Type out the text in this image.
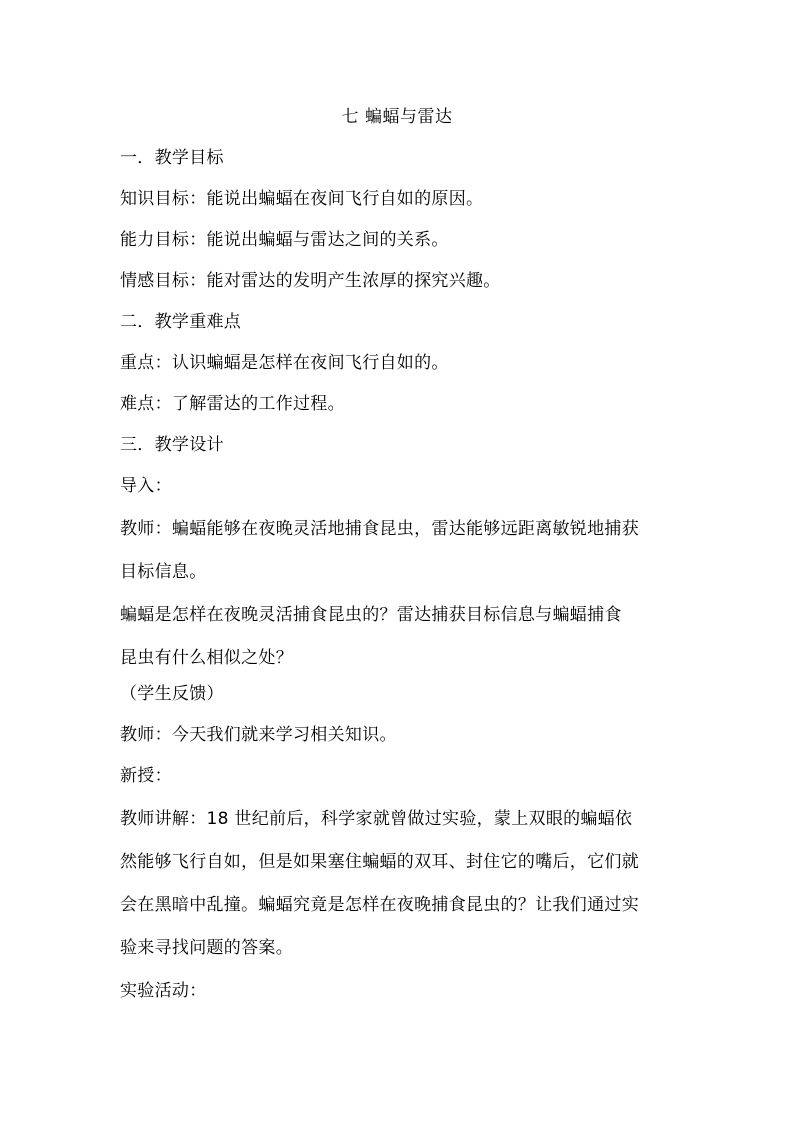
七 蝙蝠与雷达
一．教学目标
知识目标：能说出蝙蝠在夜间飞行自如的原因。
能力目标：能说出蝙蝠与雷达之间的关系。
情感目标：能对雷达的发明产生浓厚的探究兴趣。
二．教学重难点
重点：认识蝙蝠是怎样在夜间飞行自如的。
难点：了解雷达的工作过程。
三．教学设计
导入：
教师：蝙蝠能够在夜晚灵活地捕食昆虫，雷达能够远距离敏锐地捕获
目标信息。
蝙蝠是怎样在夜晚灵活捕食昆虫的？雷达捕获目标信息与蝙蝠捕食
昆虫有什么相似之处？
（学生反馈）
教师：今天我们就来学习相关知识。
新授：
教师讲解：18 世纪前后，科学家就曾做过实验，蒙上双眼的蝙蝠依
然能够飞行自如，但是如果塞住蝙蝠的双耳、封住它的嘴后，它们就
会在黑暗中乱撞。蝙蝠究竟是怎样在夜晚捕食昆虫的？让我们通过实
验来寻找问题的答案。
实验活动：
